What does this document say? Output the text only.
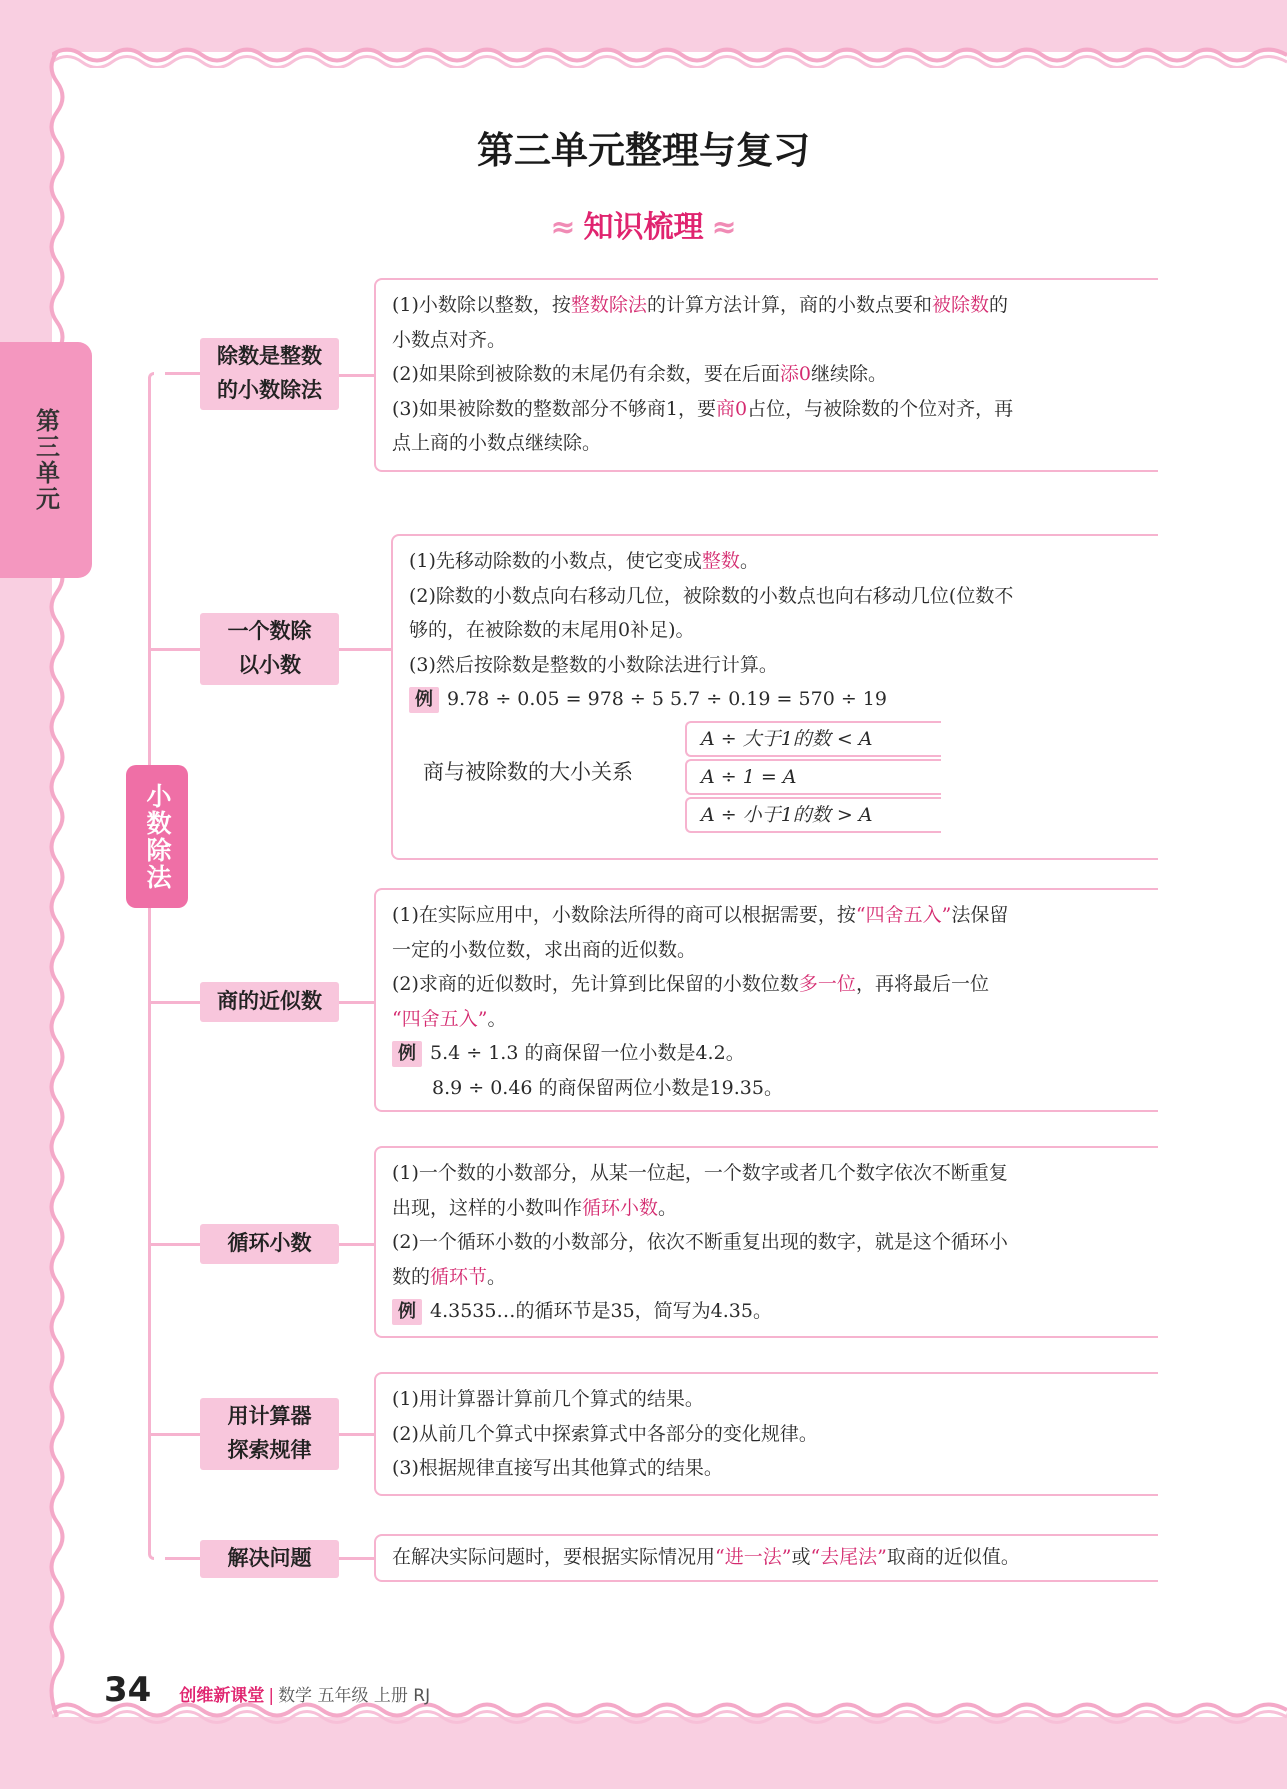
第三单元整理与复习
≈ 知识梳理 ≈
第三单元
小数除法
除数是整数的小数除法
一个数除以小数
商的近似数
循环小数
用计算器探索规律
解决问题
(1)小数除以整数，按整数除法的计算方法计算，商的小数点要和被除数的
小数点对齐。
(2)如果除到被除数的末尾仍有余数，要在后面添0继续除。
(3)如果被除数的整数部分不够商1，要商0占位，与被除数的个位对齐，再
点上商的小数点继续除。
(1)先移动除数的小数点，使它变成整数。
(2)除数的小数点向右移动几位，被除数的小数点也向右移动几位(位数不
够的，在被除数的末尾用0补足)。
(3)然后按除数是整数的小数除法进行计算。
例 9.78 ÷ 0.05 = 978 ÷ 5 5.7 ÷ 0.19 = 570 ÷ 19
商与被除数的大小关系
A ÷ 大于1的数 < A
A ÷ 1 = A
A ÷ 小于1的数 > A
(1)在实际应用中，小数除法所得的商可以根据需要，按“四舍五入”法保留
一定的小数位数，求出商的近似数。
(2)求商的近似数时，先计算到比保留的小数位数多一位，再将最后一位
“四舍五入”。
例 5.4 ÷ 1.3 的商保留一位小数是4.2。
8.9 ÷ 0.46 的商保留两位小数是19.35。
(1)一个数的小数部分，从某一位起，一个数字或者几个数字依次不断重复
出现，这样的小数叫作循环小数。
(2)一个循环小数的小数部分，依次不断重复出现的数字，就是这个循环小
数的循环节。
例 4.3535…的循环节是35，简写为4.35。
(1)用计算器计算前几个算式的结果。
(2)从前几个算式中探索算式中各部分的变化规律。
(3)根据规律直接写出其他算式的结果。
在解决实际问题时，要根据实际情况用“进一法”或“去尾法”取商的近似值。
34 创维新课堂 | 数学 五年级 上册 RJ
